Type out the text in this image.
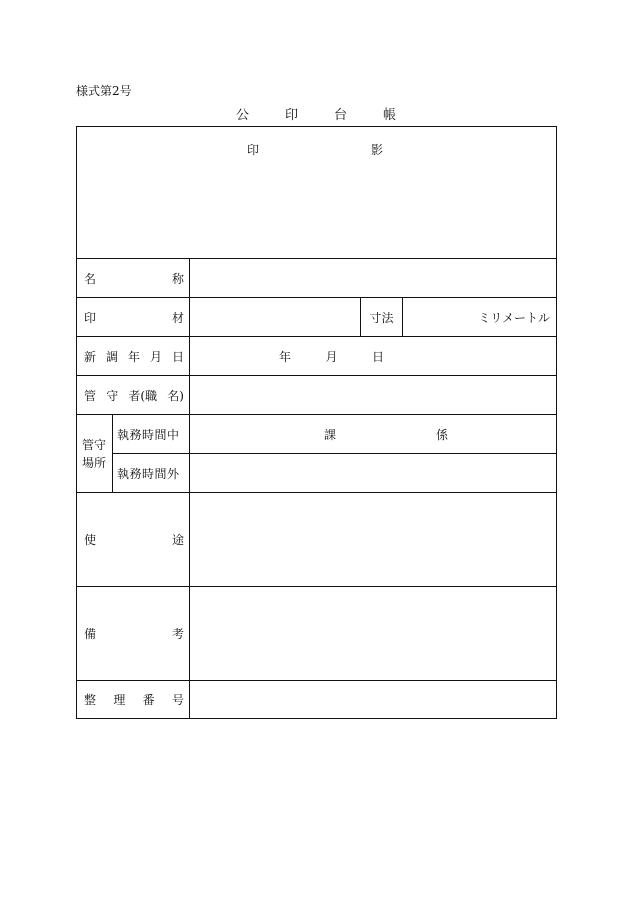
様式第2号
公	印	台	帳
印 影				

名 称				

印 材			寸法	ミリメートル

新 調 年 月 日		年 月 日		

管 守 者(職 名)				

管守
場所	執務時間中	課 係		

	執務時間外			

使 途				

備 考				

整 理 番 号				
